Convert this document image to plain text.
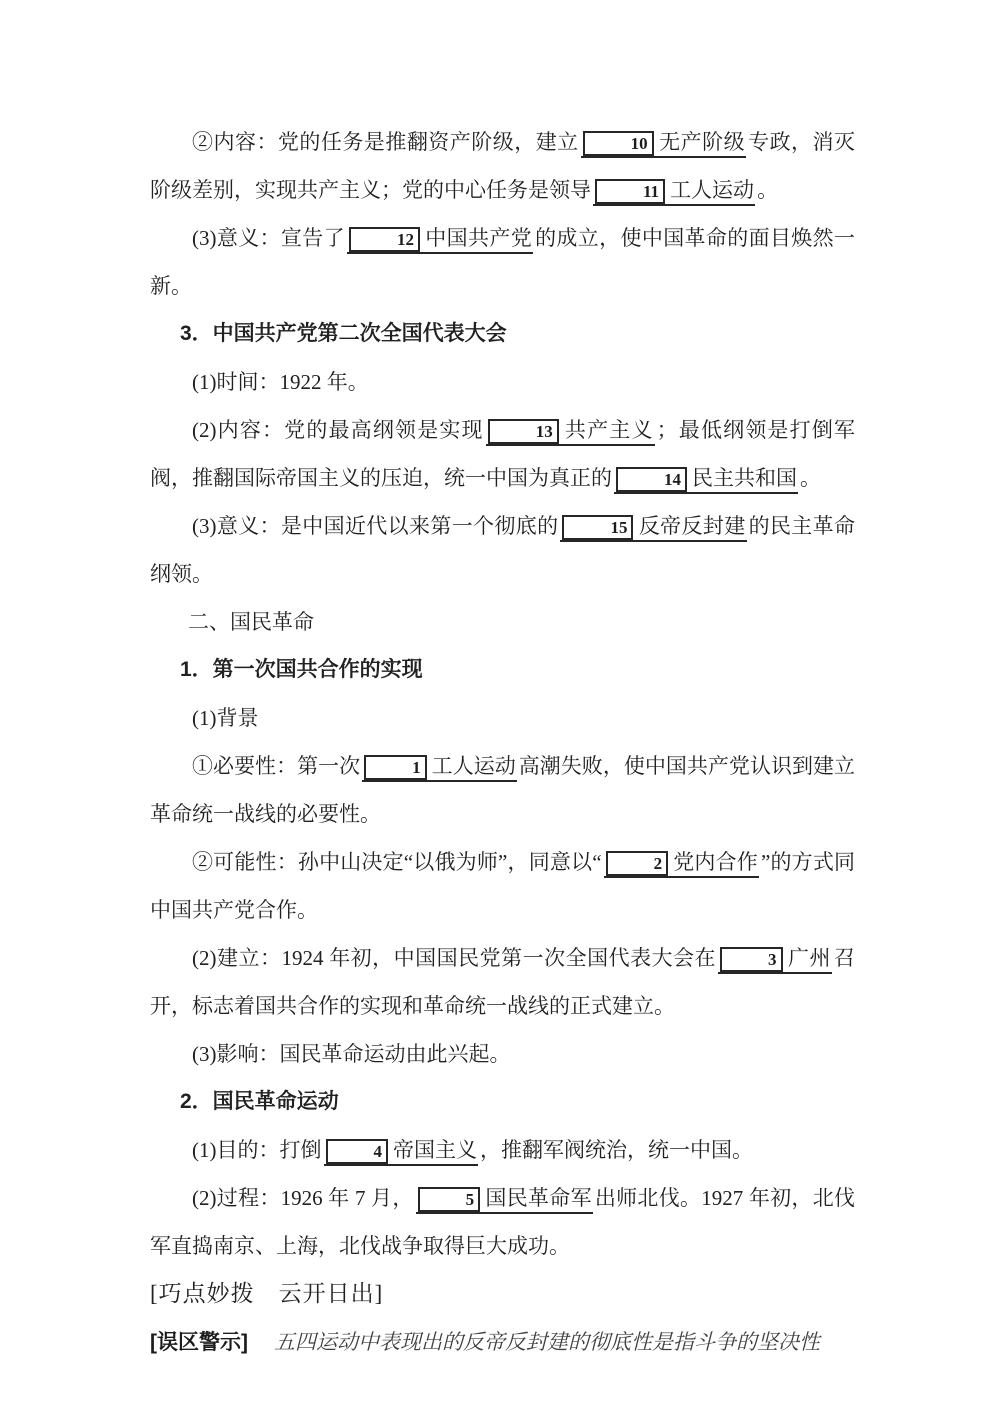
②内容：党的任务是推翻资产阶级，建立	10 无产阶级 专政，消灭阶级差别，实现共产主义；党的中心任务是领导	11 工人运动 。

(3)意义：宣告了	12 中国共产党 的成立，使中国革命的面目焕然一新。

3．中国共产党第二次全国代表大会

(1)时间：1922 年。

(2)内容：党的最高纲领是实现	13 共产主义 ；最低纲领是打倒军阀，推翻国际帝国主义的压迫，统一中国为真正的	14 民主共和国 。

(3)意义：是中国近代以来第一个彻底的	15 反帝反封建 的民主革命纲领。

二、国民革命

1．第一次国共合作的实现

(1)背景

①必要性：第一次	1 工人运动 高潮失败，使中国共产党认识到建立革命统一战线的必要性。

②可能性：孙中山决定“以俄为师”，同意以“	2 党内合作 ”的方式同中国共产党合作。

(2)建立：1924 年初，中国国民党第一次全国代表大会在	3 广州 召开，标志着国共合作的实现和革命统一战线的正式建立。

(3)影响：国民革命运动由此兴起。

2．国民革命运动

(1)目的：打倒	4 帝国主义 ，推翻军阀统治，统一中国。

(2)过程：1926 年 7 月，	5 国民革命军 出师北伐。1927 年初，北伐军直捣南京、上海，北伐战争取得巨大成功。

[巧点妙拨　云开日出]

[误区警示] 五四运动中表现出的反帝反封建的彻底性是指斗争的坚决性
